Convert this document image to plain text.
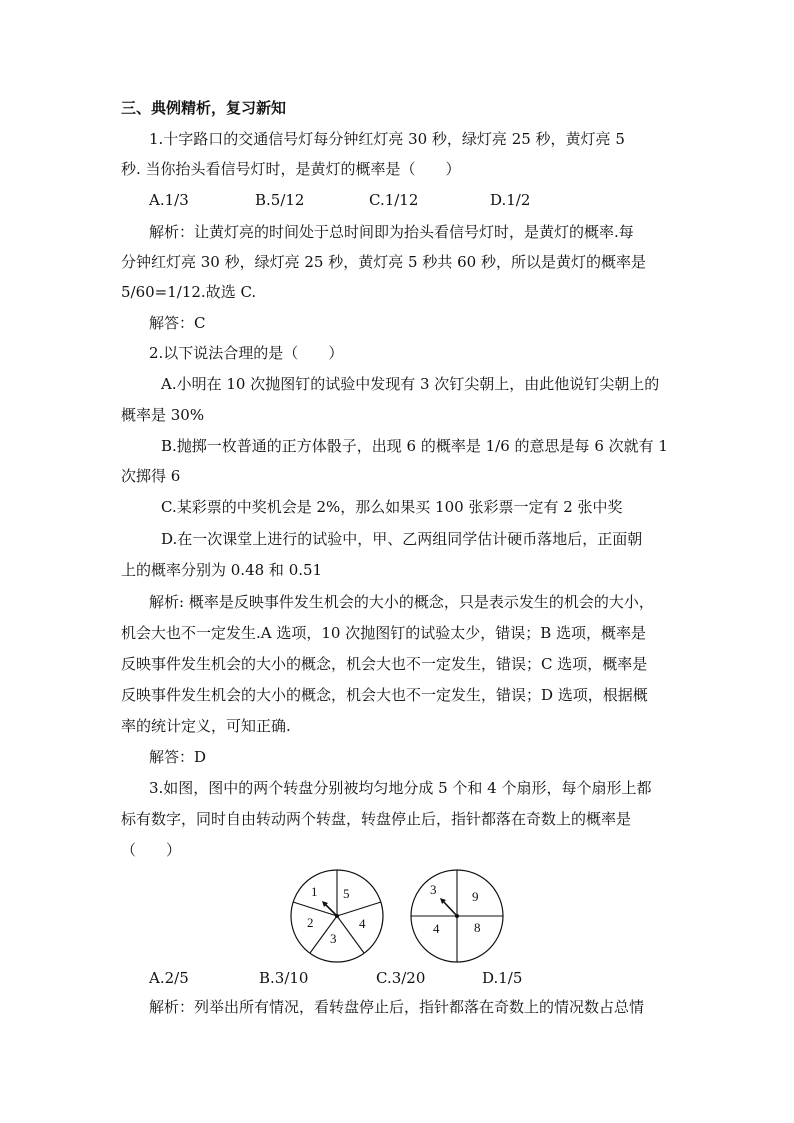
三、典例精析，复习新知
1.十字路口的交通信号灯每分钟红灯亮 30 秒，绿灯亮 25 秒，黄灯亮 5
秒. 当你抬头看信号灯时，是黄灯的概率是（　　）
A.1/3	B.5/12	C.1/12	D.1/2
解析：让黄灯亮的时间处于总时间即为抬头看信号灯时，是黄灯的概率.每
分钟红灯亮 30 秒，绿灯亮 25 秒，黄灯亮 5 秒共 60 秒，所以是黄灯的概率是
5/60=1/12.故选 C.
解答：C
2.以下说法合理的是（　　）
A.小明在 10 次抛图钉的试验中发现有 3 次钉尖朝上，由此他说钉尖朝上的
概率是 30%
B.抛掷一枚普通的正方体骰子，出现 6 的概率是 1/6 的意思是每 6 次就有 1
次掷得 6
C.某彩票的中奖机会是 2%，那么如果买 100 张彩票一定有 2 张中奖
D.在一次课堂上进行的试验中，甲、乙两组同学估计硬币落地后，正面朝
上的概率分别为 0.48 和 0.51
解析: 概率是反映事件发生机会的大小的概念，只是表示发生的机会的大小，
机会大也不一定发生.A 选项，10 次抛图钉的试验太少，错误；B 选项，概率是
反映事件发生机会的大小的概念，机会大也不一定发生，错误；C 选项，概率是
反映事件发生机会的大小的概念，机会大也不一定发生，错误；D 选项，根据概
率的统计定义，可知正确.
解答：D
3.如图，图中的两个转盘分别被均匀地分成 5 个和 4 个扇形，每个扇形上都
标有数字，同时自由转动两个转盘，转盘停止后，指针都落在奇数上的概率是
（　　）
1 5
4
3
2
3	9
8
4
A.2/5	B.3/10	C.3/20	D.1/5
解析：列举出所有情况，看转盘停止后，指针都落在奇数上的情况数占总情
